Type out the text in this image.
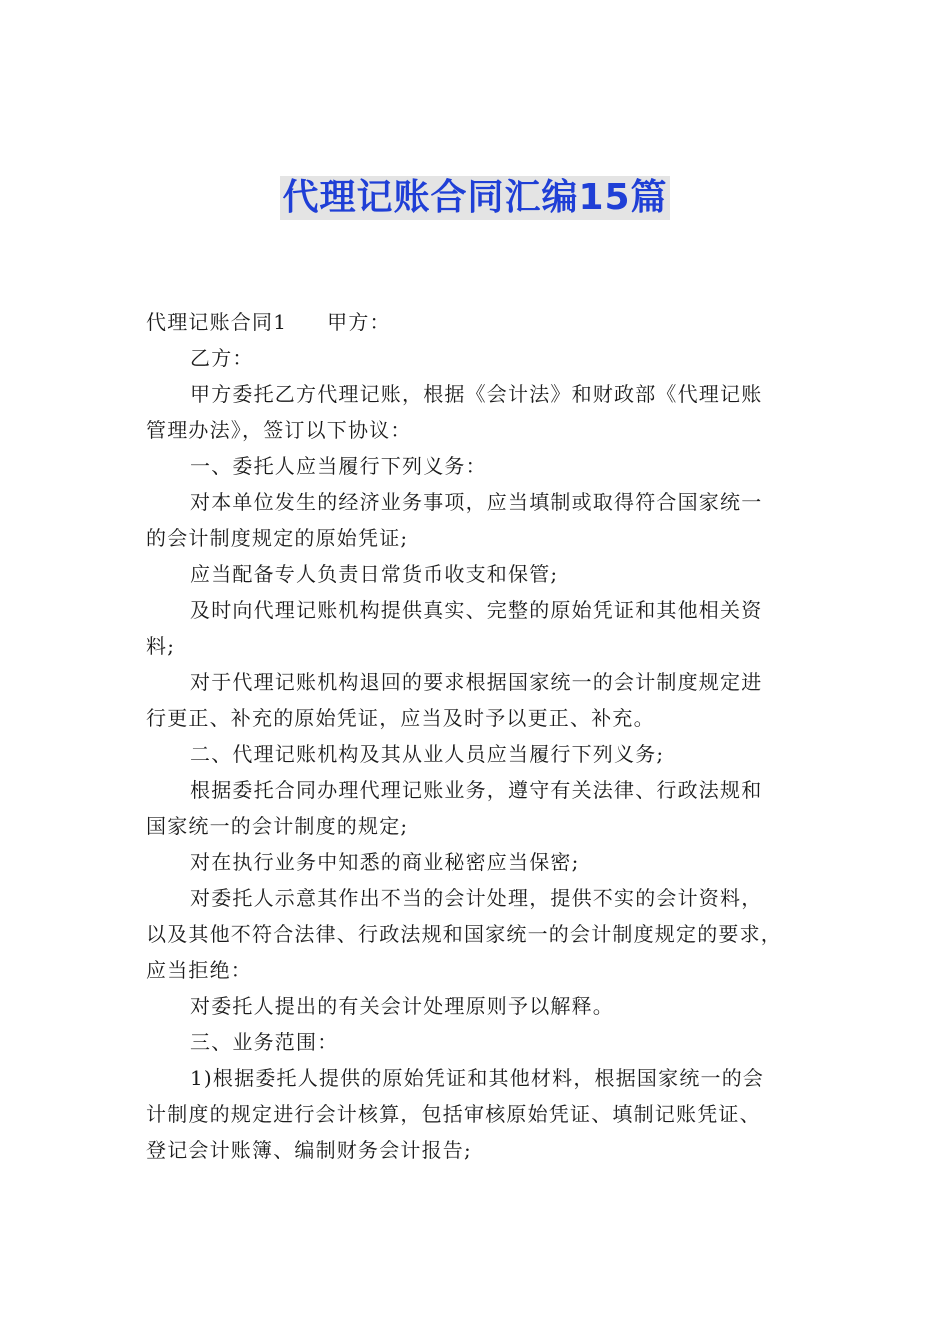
代理记账合同汇编15篇

代理记账合同1 甲方：

乙方：

甲方委托乙方代理记账，根据《会计法》和财政部《代理记账

管理办法》，签订以下协议：

一、委托人应当履行下列义务：

对本单位发生的经济业务事项，应当填制或取得符合国家统一

的会计制度规定的原始凭证;

应当配备专人负责日常货币收支和保管;

及时向代理记账机构提供真实、完整的原始凭证和其他相关资

料;

对于代理记账机构退回的要求根据国家统一的会计制度规定进

行更正、补充的原始凭证，应当及时予以更正、补充。

二、代理记账机构及其从业人员应当履行下列义务;

根据委托合同办理代理记账业务，遵守有关法律、行政法规和

国家统一的会计制度的规定;

对在执行业务中知悉的商业秘密应当保密;

对委托人示意其作出不当的会计处理，提供不实的会计资料，

以及其他不符合法律、行政法规和国家统一的会计制度规定的要求，

应当拒绝：

对委托人提出的有关会计处理原则予以解释。

三、业务范围：

1)根据委托人提供的原始凭证和其他材料，根据国家统一的会

计制度的规定进行会计核算，包括审核原始凭证、填制记账凭证、

登记会计账簿、编制财务会计报告;
